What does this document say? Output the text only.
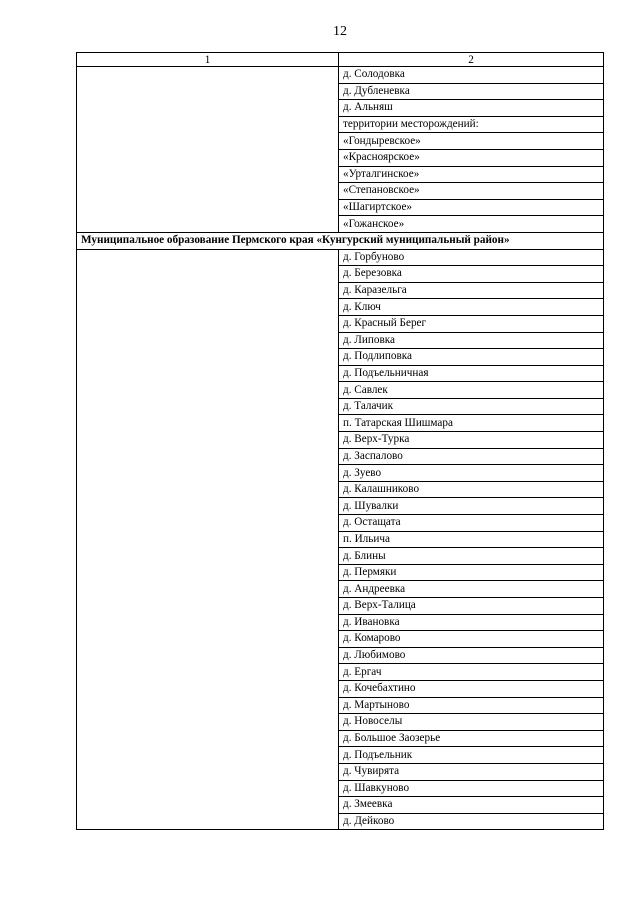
12
1	2
	д. Солодовка
	д. Дубленевка
	д. Альняш
	территории месторождений:
	«Гондыревское»
	«Красноярское»
	«Урталгинское»
	«Степановское»
	«Шагиртское»
	«Гожанское»
Муниципальное образование Пермского края «Кунгурский муниципальный район»	
	д. Горбуново
	д. Березовка
	д. Каразельга
	д. Ключ
	д. Красный Берег
	д. Липовка
	д. Подлиповка
	д. Подъельничная
	д. Савлек
	д. Талачик
	п. Татарская Шишмара
	д. Верх-Турка
	д. Заспалово
	д. Зуево
	д. Калашниково
	д. Шувалки
	д. Остащата
	п. Ильича
	д. Блины
	д. Пермяки
	д. Андреевка
	д. Верх-Талица
	д. Ивановка
	д. Комарово
	д. Любимово
	д. Ергач
	д. Кочебахтино
	д. Мартыново
	д. Новоселы
	д. Большое Заозерье
	д. Подъельник
	д. Чувирята
	д. Шавкуново
	д. Змеевка
	д. Дейково
